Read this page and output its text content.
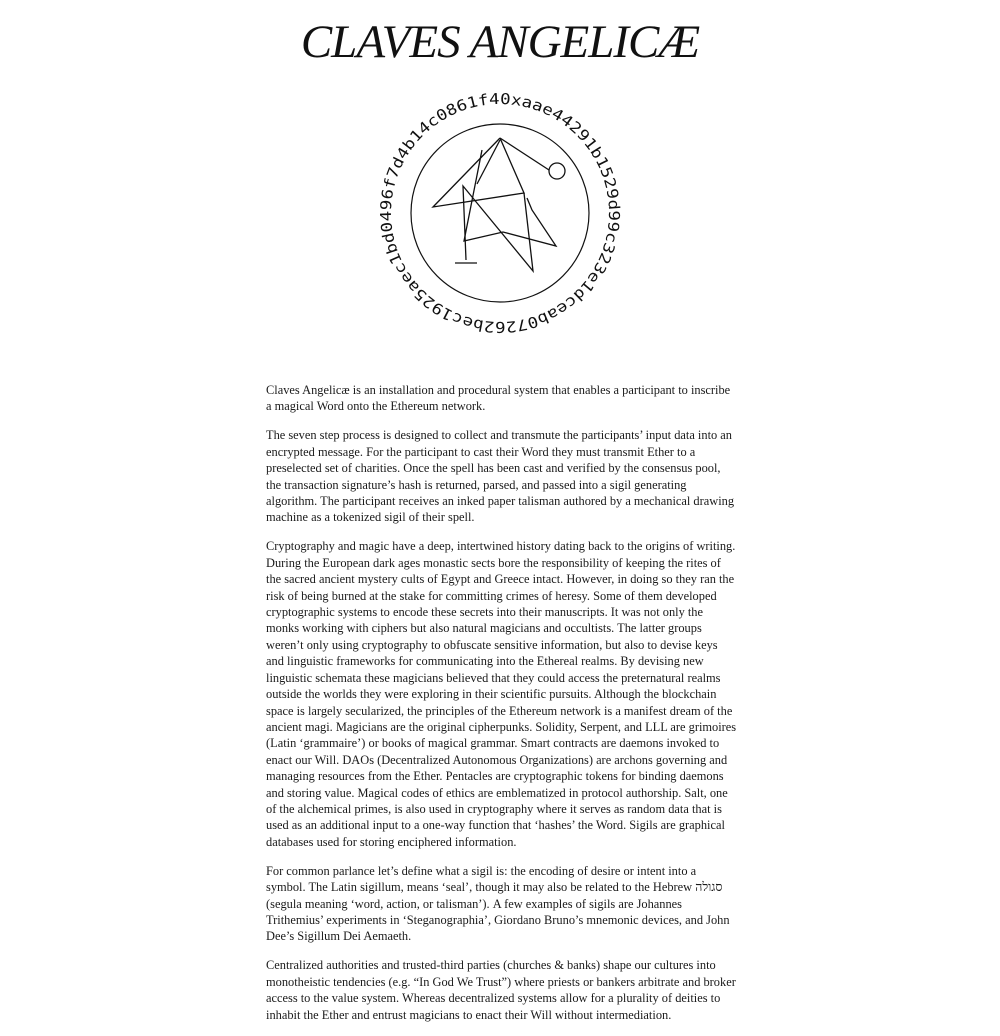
CLAVES ANGELICÆ
0xaae44291b1529d99c323e1dceab07262bec1925aec1bd0496f7d4b14c0861f4

Claves Angelicæ is an installation and procedural system that enables a participant to inscribe a magical Word onto the Ethereum network.

The seven step process is designed to collect and transmute the participants’ input data into an encrypted message. For the participant to cast their Word they must transmit Ether to a preselected set of charities. Once the spell has been cast and verified by the consensus pool, the transaction signature’s hash is returned, parsed, and passed into a sigil generating algorithm. The participant receives an inked paper talisman authored by a mechanical drawing machine as a tokenized sigil of their spell.

Cryptography and magic have a deep, intertwined history dating back to the origins of writing. During the European dark ages monastic sects bore the responsibility of keeping the rites of the sacred ancient mystery cults of Egypt and Greece intact. However, in doing so they ran the risk of being burned at the stake for committing crimes of heresy. Some of them developed cryptographic systems to encode these secrets into their manuscripts. It was not only the monks working with ciphers but also natural magicians and occultists. The latter groups weren’t only using cryptography to obfuscate sensitive information, but also to devise keys and linguistic frameworks for communicating into the Ethereal realms. By devising new linguistic schemata these magicians believed that they could access the preternatural realms outside the worlds they were exploring in their scientific pursuits. Although the blockchain space is largely secularized, the principles of the Ethereum network is a manifest dream of the ancient magi. Magicians are the original cipherpunks. Solidity, Serpent, and LLL are grimoires (Latin ‘grammaire’) or books of magical grammar. Smart contracts are daemons invoked to enact our Will. DAOs (Decentralized Autonomous Organizations) are archons governing and managing resources from the Ether. Pentacles are cryptographic tokens for binding daemons and storing value. Magical codes of ethics are emblematized in protocol authorship. Salt, one of the alchemical primes, is also used in cryptography where it serves as random data that is used as an additional input to a one-way function that ‘hashes’ the Word. Sigils are graphical databases used for storing enciphered information.

For common parlance let’s define what a sigil is: the encoding of desire or intent into a symbol. The Latin sigillum, means ‘seal’, though it may also be related to the Hebrew סגולה (segula meaning ‘word, action, or talisman’). A few examples of sigils are Johannes Trithemius’ experiments in ‘Steganographia’, Giordano Bruno’s mnemonic devices, and John Dee’s Sigillum Dei Aemaeth.

Centralized authorities and trusted-third parties (churches & banks) shape our cultures into monotheistic tendencies (e.g. “In God We Trust”) where priests or bankers arbitrate and broker access to the value system. Whereas decentralized systems allow for a plurality of deities to inhabit the Ether and entrust magicians to enact their Will without intermediation.
